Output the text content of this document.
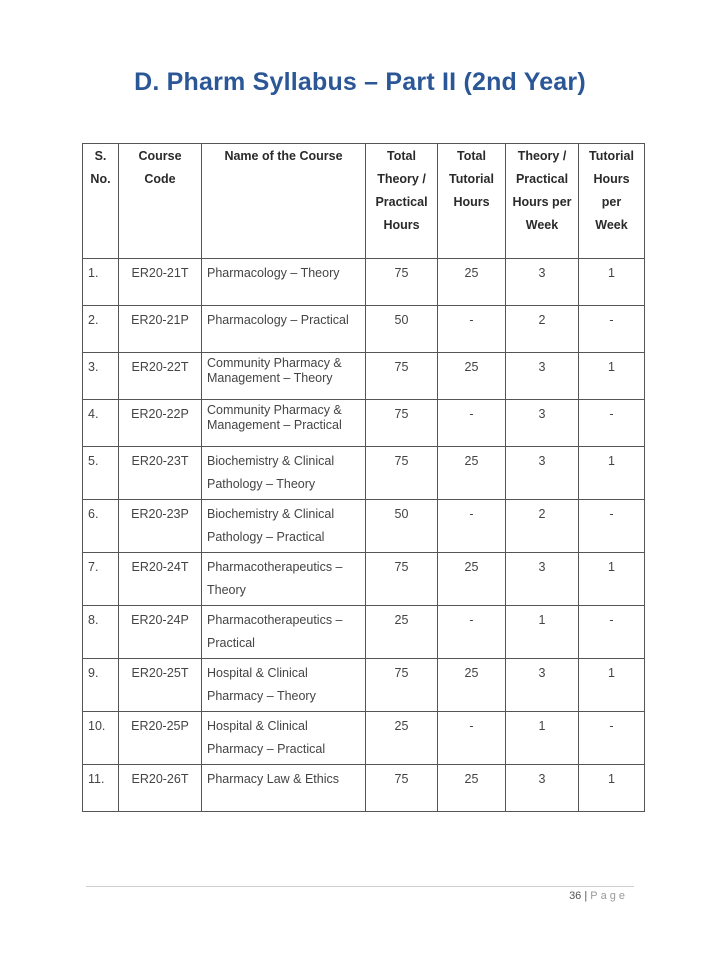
D. Pharm Syllabus – Part II (2nd Year)
S. No.	Course Code	Name of the Course	Total Theory / Practical Hours	Total Tutorial Hours	Theory / Practical Hours per Week	Tutorial Hours per Week
1.	ER20-21T	Pharmacology – Theory	75	25	3	1
2.	ER20-21P	Pharmacology – Practical	50	-	2	-
3.	ER20-22T	Community Pharmacy & Management – Theory	75	25	3	1
4.	ER20-22P	Community Pharmacy & Management – Practical	75	-	3	-
5.	ER20-23T	Biochemistry & Clinical Pathology – Theory	75	25	3	1
6.	ER20-23P	Biochemistry & Clinical Pathology – Practical	50	-	2	-
7.	ER20-24T	Pharmacotherapeutics – Theory	75	25	3	1
8.	ER20-24P	Pharmacotherapeutics – Practical	25	-	1	-
9.	ER20-25T	Hospital & Clinical Pharmacy – Theory	75	25	3	1
10.	ER20-25P	Hospital & Clinical Pharmacy – Practical	25	-	1	-
11.	ER20-26T	Pharmacy Law & Ethics	75	25	3	1
36 | Page
